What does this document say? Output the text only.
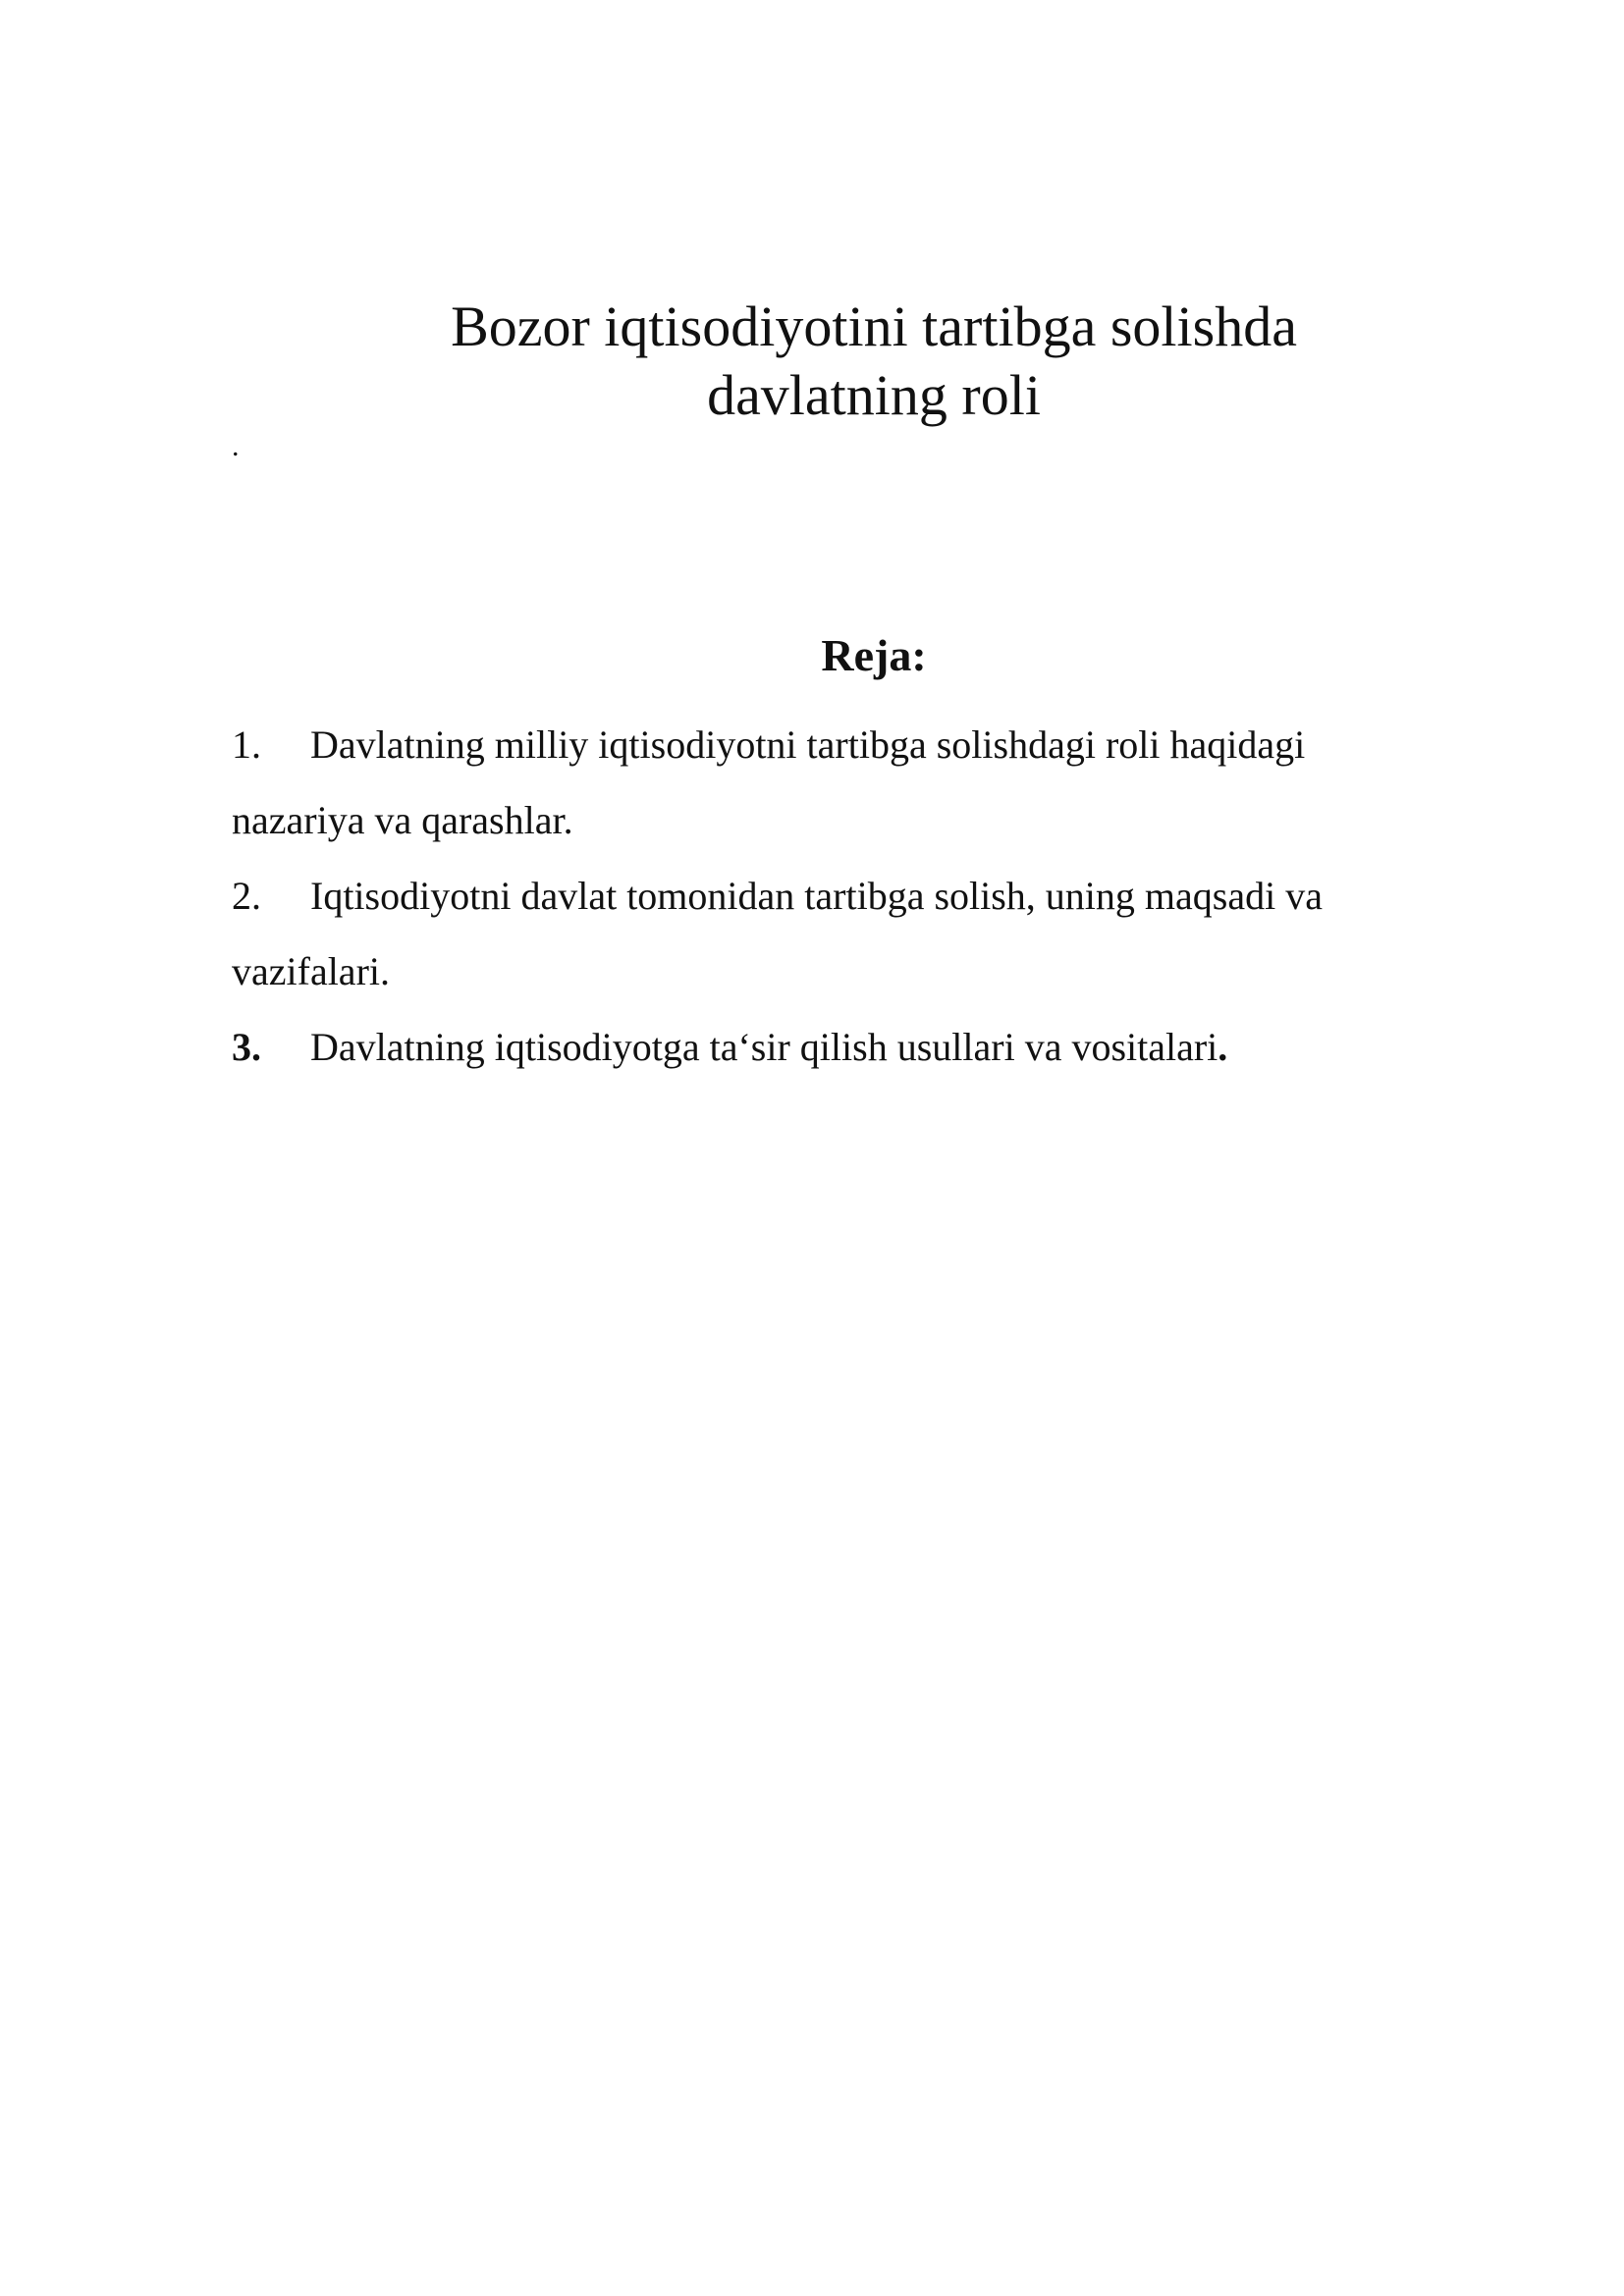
Bozor iqtisodiyotini tartibga solishda
davlatning roli
.
Reja:
1. Davlatning milliy iqtisodiyotni tartibga solishdagi roli haqidagi nazariya va qarashlar.
2. Iqtisodiyotni davlat tomonidan tartibga solish, uning maqsadi va vazifalari.
3. Davlatning iqtisodiyotga ta‘sir qilish usullari va vositalari.
